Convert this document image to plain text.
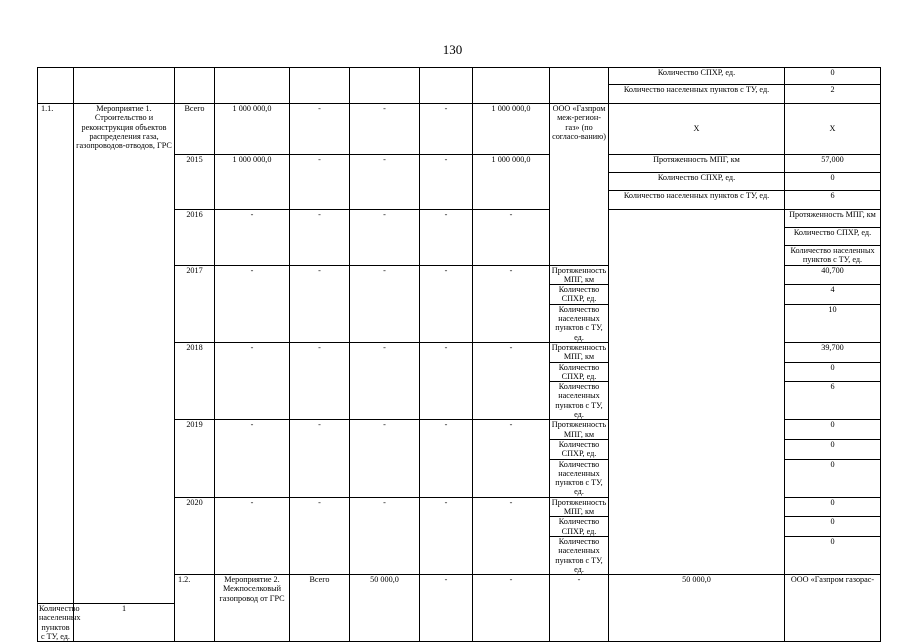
130
									Количество СПХР, ед.	0	
									Количество населенных пунктов с ТУ, ед.	2	
1.1.	Мероприятие 1. Строительство и реконструкция объектов распределения газа, газопроводов-отводов, ГРС	Всего	1 000 000,0	-	-	-	1 000 000,0	ООО «Газпром меж-регион-газ» (по согласо-ванию)	X	X	
		2015	1 000 000,0	-	-	-	1 000 000,0		Протяженность МПГ, км	57,000	
									Количество СПХР, ед.	0	
									Количество населенных пунктов с ТУ, ед.	6	
		2016	-	-	-	-	-			Протяженность МПГ, км	
										Количество СПХР, ед.	
										Количество населенных пунктов с ТУ, ед.	
		2017	-	-	-	-	-	Протяженность МПГ, км		40,700	
								Количество СПХР, ед.		4	
								Количество населенных пунктов с ТУ, ед.		10	
		2018	-	-	-	-	-	Протяженность МПГ, км		39,700	
								Количество СПХР, ед.		0	
								Количество населенных пунктов с ТУ, ед.		6	
		2019	-	-	-	-	-	Протяженность МПГ, км		0	
								Количество СПХР, ед.		0	
								Количество населенных пунктов с ТУ, ед.		0	
		2020	-	-	-	-	-	Протяженность МПГ, км		0	
								Количество СПХР, ед.		0	
								Количество населенных пунктов с ТУ, ед.		0	
		1.2.	Мероприятие 2. Межпоселковый газопровод от ГРС	Всего	50 000,0	-	-	-	50 000,0	ООО «Газпром газорас-		
Количество населенных пунктов с ТУ, ед.	1										
